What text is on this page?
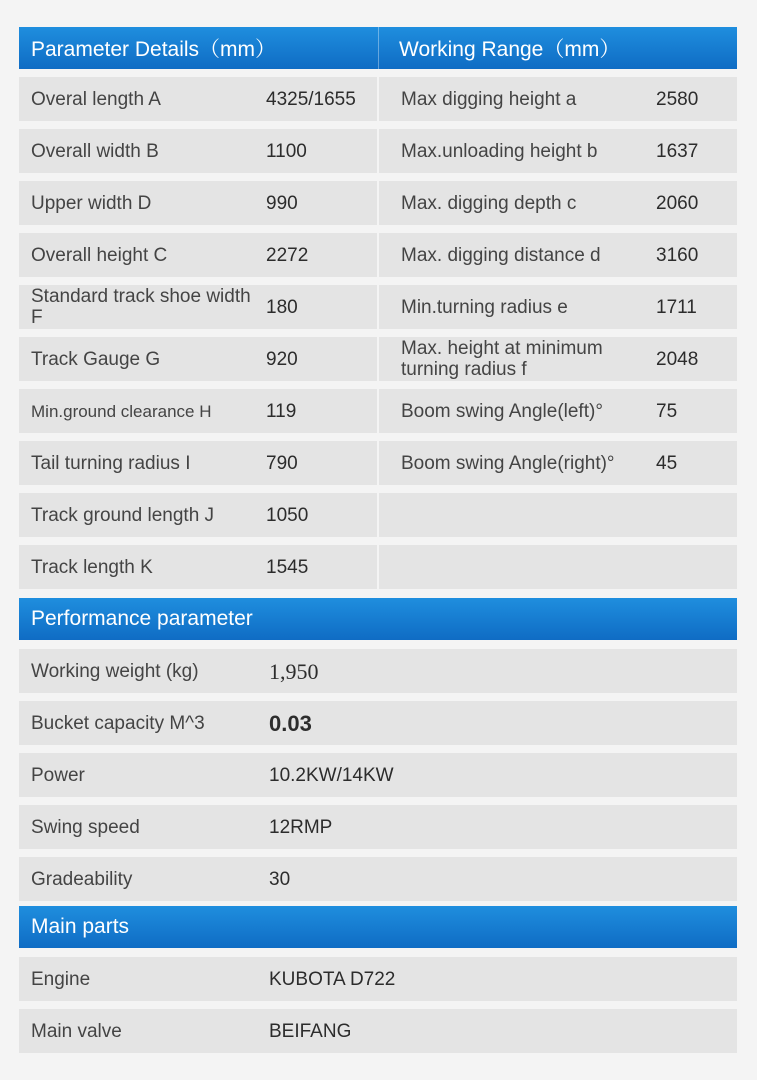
Parameter Details（mm）	Working Range（mm）
Overal length A	4325/1655	Max digging height a	2580
Overall width B	1100	Max.unloading height b	1637
Upper width D	990	Max. digging depth c	2060
Overall height C	2272	Max. digging distance d	3160
Standard track shoe width F	180	Min.turning radius e	1711
Track Gauge G	920	Max. height at minimum turning radius f	2048
Min.ground clearance H	119	Boom swing Angle(left)°	75
Tail turning radius I	790	Boom swing Angle(right)°	45
Track ground length J	1050
Track length K	1545
Performance parameter
Working weight (kg)	1,950
Bucket capacity M^3	0.03
Power	10.2KW/14KW
Swing speed	12RMP
Gradeability	30
Main parts
Engine	KUBOTA D722
Main valve	BEIFANG
